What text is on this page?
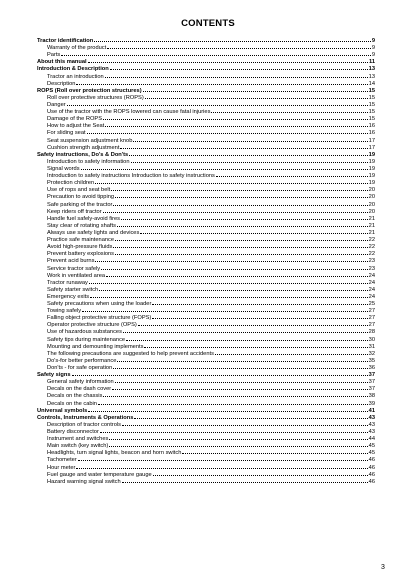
CONTENTS
Tractor identification	9
Warranty of the product	9
Parts	9
About this manual	11
Introduction & Description	13
Tractor an introduction	13
Description	14
ROPS (Roll over protection structures)	15
Roll over protective structures (ROPS)	15
Danger	15
Use of the tractor with the ROPS lowered can cause fatal injuries	15
Damage of the ROPS	15
How to adjust the Seat	16
For sliding seat	16
Seat suspension adjustment knob	17
Cushion strength adjustment	17
Safety instructions, Do's & Don'ts	19
Introduction to safety information	19
Signal words	19
Introduction to safety instructions Introduction to safety instructions	19
Protection children	19
Use of rops and seat belt	20
Precaution to avoid tipping	20
Safe parking of the tractor	20
Keep riders off tractor	20
Handle fuel safely-avoid fires	21
Stay clear of rotating shafts	21
Always use safety lights and devices	21
Practice safe maintenance	22
Avoid high-pressure fluids	22
Prevent battery explosions	22
Prevent acid burns	23
Service tractor safely	23
Work in ventilated area	24
Tractor runaway	24
Safety starter switch	24
Emergency exits	24
Safety precautions when using the loader	25
Towing safely	27
Falling object protective structure (FOPS)	27
Operator protective structure (OPS)	27
Use of hazardous substances	28
Safety tips during maintenance	30
Mounting and demounting implements	31
The following precautions are suggested to help prevent accidents	32
Do's-for better performance	35
Don'ts - for safe operation	36
Safety signs	37
General safety information	37
Decals on the dash cover	37
Decals on the chassis	38
Decals on the cabin	39
Universal symbols	41
Controls, Instruments & Operations	43
Description of tractor controls	43
Battery disconnector	43
Instrument and switches	44
Main switch (key switch)	45
Headlights, turn signal lights, beacon and horn switch	45
Tachometer	46
Hour meter	46
Fuel gauge and water temperature gauge	46
Hazard warning signal switch	46
3
